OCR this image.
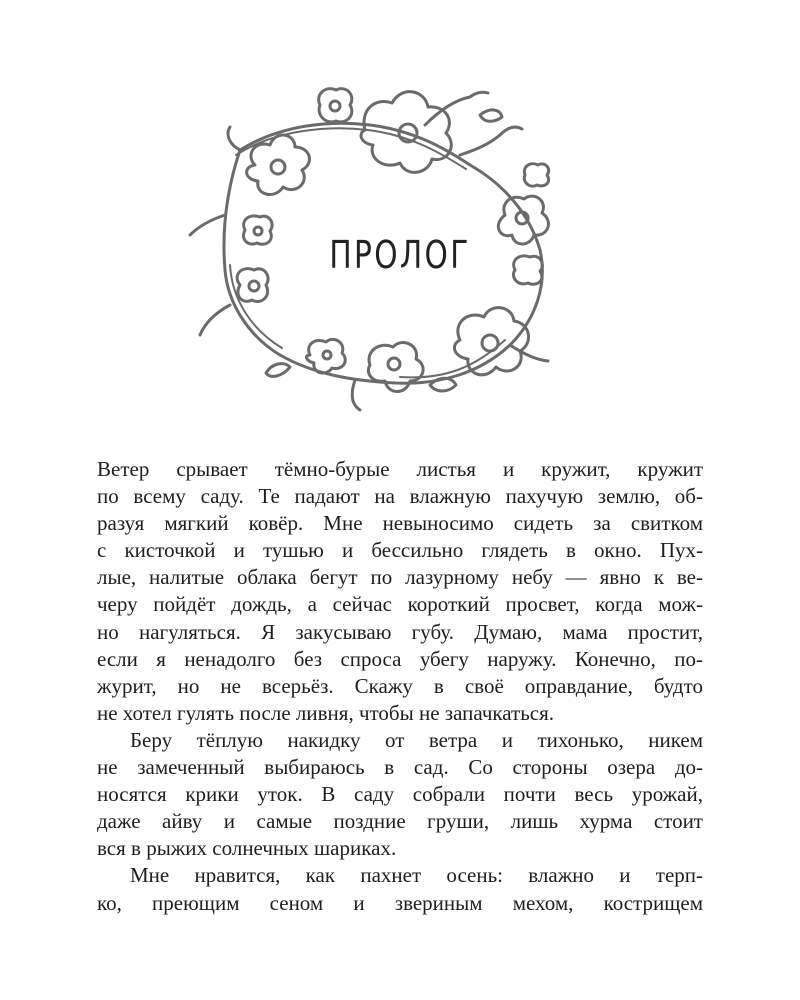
ПРОЛОГ
Ветер срывает тёмно-бурые листья и кружит, кружит
по всему саду. Те падают на влажную пахучую землю, об-
разуя мягкий ковёр. Мне невыносимо сидеть за свитком
с кисточкой и тушью и бессильно глядеть в окно. Пух-
лые, налитые облака бегут по лазурному небу — явно к ве-
черу пойдёт дождь, а сейчас короткий просвет, когда мож-
но нагуляться. Я закусываю губу. Думаю, мама простит,
если я ненадолго без спроса убегу наружу. Конечно, по-
журит, но не всерьёз. Скажу в своё оправдание, будто
не хотел гулять после ливня, чтобы не запачкаться.
Беру тёплую накидку от ветра и тихонько, никем
не замеченный выбираюсь в сад. Со стороны озера до-
носятся крики уток. В саду собрали почти весь урожай,
даже айву и самые поздние груши, лишь хурма стоит
вся в рыжих солнечных шариках.
Мне нравится, как пахнет осень: влажно и терп-
ко, преющим сеном и звериным мехом, кострищем
